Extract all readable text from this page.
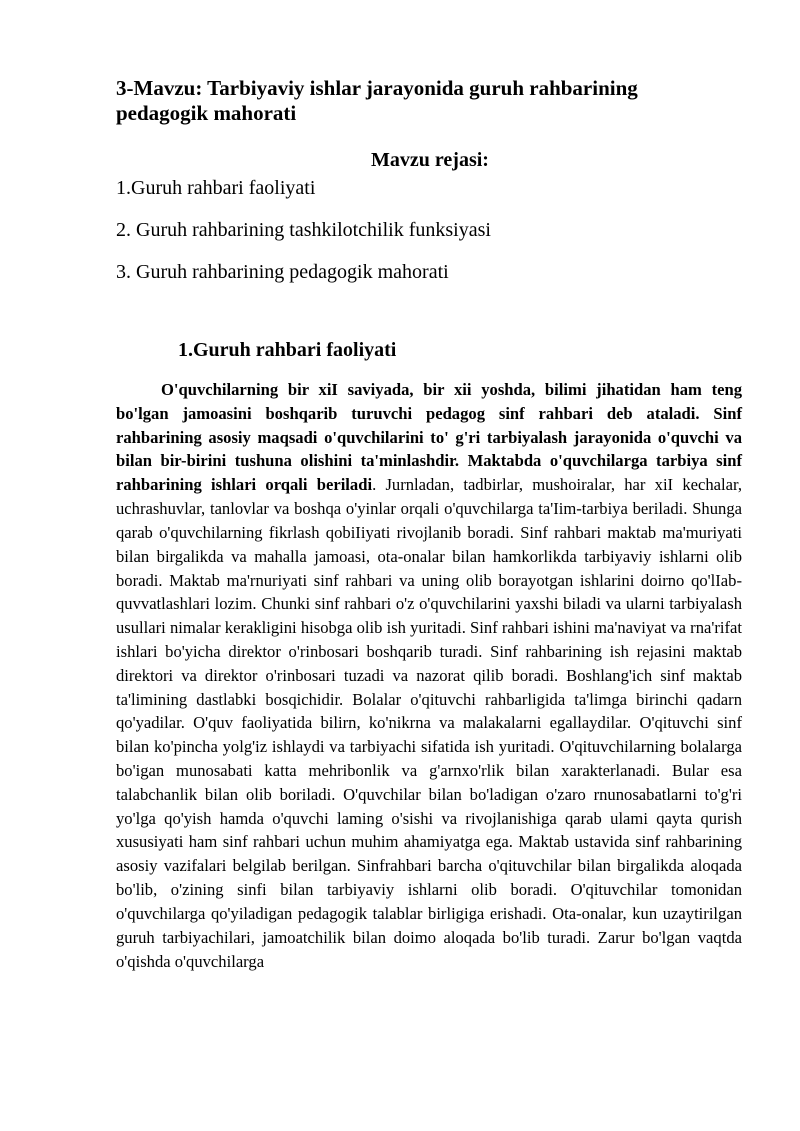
3-Mavzu: Tarbiyaviy ishlar jarayonida guruh rahbarining pedagogik mahorati
Mavzu rejasi:

1.Guruh rahbari faoliyati

2. Guruh rahbarining tashkilotchilik funksiyasi

3. Guruh rahbarining pedagogik mahorati

1.Guruh rahbari faoliyati

O'quvchilarning bir xiI saviyada, bir xii yoshda, bilimi jihatidan ham teng bo'lgan jamoasini boshqarib turuvchi pedagog sinf rahbari deb ataladi. Sinf rahbarining asosiy maqsadi o'quvchilarini to' g'ri tarbiyalash jarayonida o'quvchi va bilan bir-birini tushuna olishini ta'minlashdir. Maktabda o'quvchilarga tarbiya sinf rahbarining ishlari orqali beriladi. Jurnladan, tadbirlar, mushoiralar, har xiI kechalar, uchrashuvlar, tanlovlar va boshqa o'yinlar orqali o'quvchilarga ta'Iim-tarbiya beriladi. Shunga qarab o'quvchilarning fikrlash qobiIiyati rivojlanib boradi. Sinf rahbari maktab ma'muriyati bilan birgalikda va mahalla jamoasi, ota-onalar bilan hamkorlikda tarbiyaviy ishlarni olib boradi. Maktab ma'rnuriyati sinf rahbari va uning olib borayotgan ishlarini doirno qo'lIab-quvvatlashlari lozim. Chunki sinf rahbari o'z o'quvchilarini yaxshi biladi va ularni tarbiyalash usullari nimalar kerakligini hisobga olib ish yuritadi. Sinf rahbari ishini ma'naviyat va rna'rifat ishlari bo'yicha direktor o'rinbosari boshqarib turadi. Sinf rahbarining ish rejasini maktab direktori va direktor o'rinbosari tuzadi va nazorat qilib boradi. Boshlang'ich sinf maktab ta'limining dastlabki bosqichidir. Bolalar o'qituvchi rahbarligida ta'limga birinchi qadarn qo'yadilar. O'quv faoliyatida bilirn, ko'nikrna va malakalarni egallaydilar. O'qituvchi sinf bilan ko'pincha yolg'iz ishlaydi va tarbiyachi sifatida ish yuritadi. O'qituvchilarning bolalarga bo'igan munosabati katta mehribonlik va g'arnxo'rlik bilan xarakterlanadi. Bular esa talabchanlik bilan olib boriladi. O'quvchilar bilan bo'ladigan o'zaro rnunosabatlarni to'g'ri yo'lga qo'yish hamda o'quvchi laming o'sishi va rivojlanishiga qarab ulami qayta qurish xususiyati ham sinf rahbari uchun muhim ahamiyatga ega. Maktab ustavida sinf rahbarining asosiy vazifalari belgilab berilgan. Sinfrahbari barcha o'qituvchilar bilan birgalikda aloqada bo'lib, o'zining sinfi bilan tarbiyaviy ishlarni olib boradi. O'qituvchilar tomonidan o'quvchilarga qo'yiladigan pedagogik talablar birligiga erishadi. Ota-onalar, kun uzaytirilgan guruh tarbiyachilari, jamoatchilik bilan doimo aloqada bo'lib turadi. Zarur bo'lgan vaqtda o'qishda o'quvchilarga
